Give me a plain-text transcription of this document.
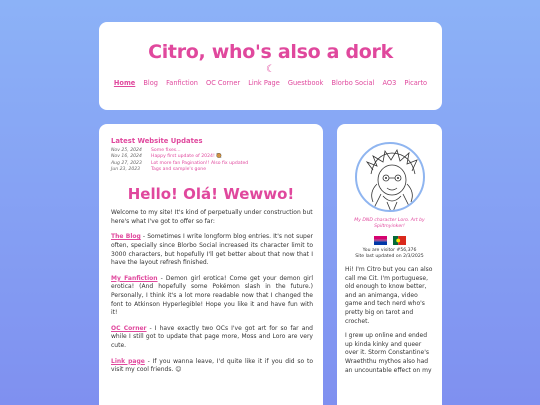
Citro, who's also a dork
☾
Home Blog Fanfiction OC Corner Link Page Guestbook Blorbo Social AO3 Picarto
Latest Website Updates
Nov 25, 2024	Some fixes...
Nov 16, 2024	Happy first update of 2024! 🥘
Aug 27, 2023	Lot more fan Pagination!! Also fix updated
Jun 23, 2023	Tags and sample's gone
Hello! Olá! Wewwo!

Welcome to my site! It's kind of perpetually under construction but here's what I've got to offer so far:

The Blog - Sometimes I write longform blog entries. It's not super often, specially since Blorbo Social increased its character limit to 3000 characters, but hopefully I'll get better about that now that I have the layout refresh finished.

My Fanfiction - Demon girl erotica! Come get your demon girl erotica! (And hopefully some Pokémon slash in the future.) Personally, I think it's a lot more readable now that I changed the font to Atkinson Hyperlegible! Hope you like it and have fun with it!

OC Corner - I have exactly two OCs I've got art for so far and while I still got to update that page more, Moss and Loro are very cute.

Link page - If you wanna leave, I'd quite like it if you did so to visit my cool friends. 😊

My DND character Loro. Art by Spiltmyinker!
You are visitor #56,376
Site last updated on 2/3/2025

Hi! I'm Citro but you can also call me Cit. I'm portuguese, old enough to know better, and an animanga, video game and tech nerd who's pretty big on tarot and crochet.

I grew up online and ended up kinda kinky and queer over it. Storm Constantine's Wraeththu mythos also had an uncountable effect on my
